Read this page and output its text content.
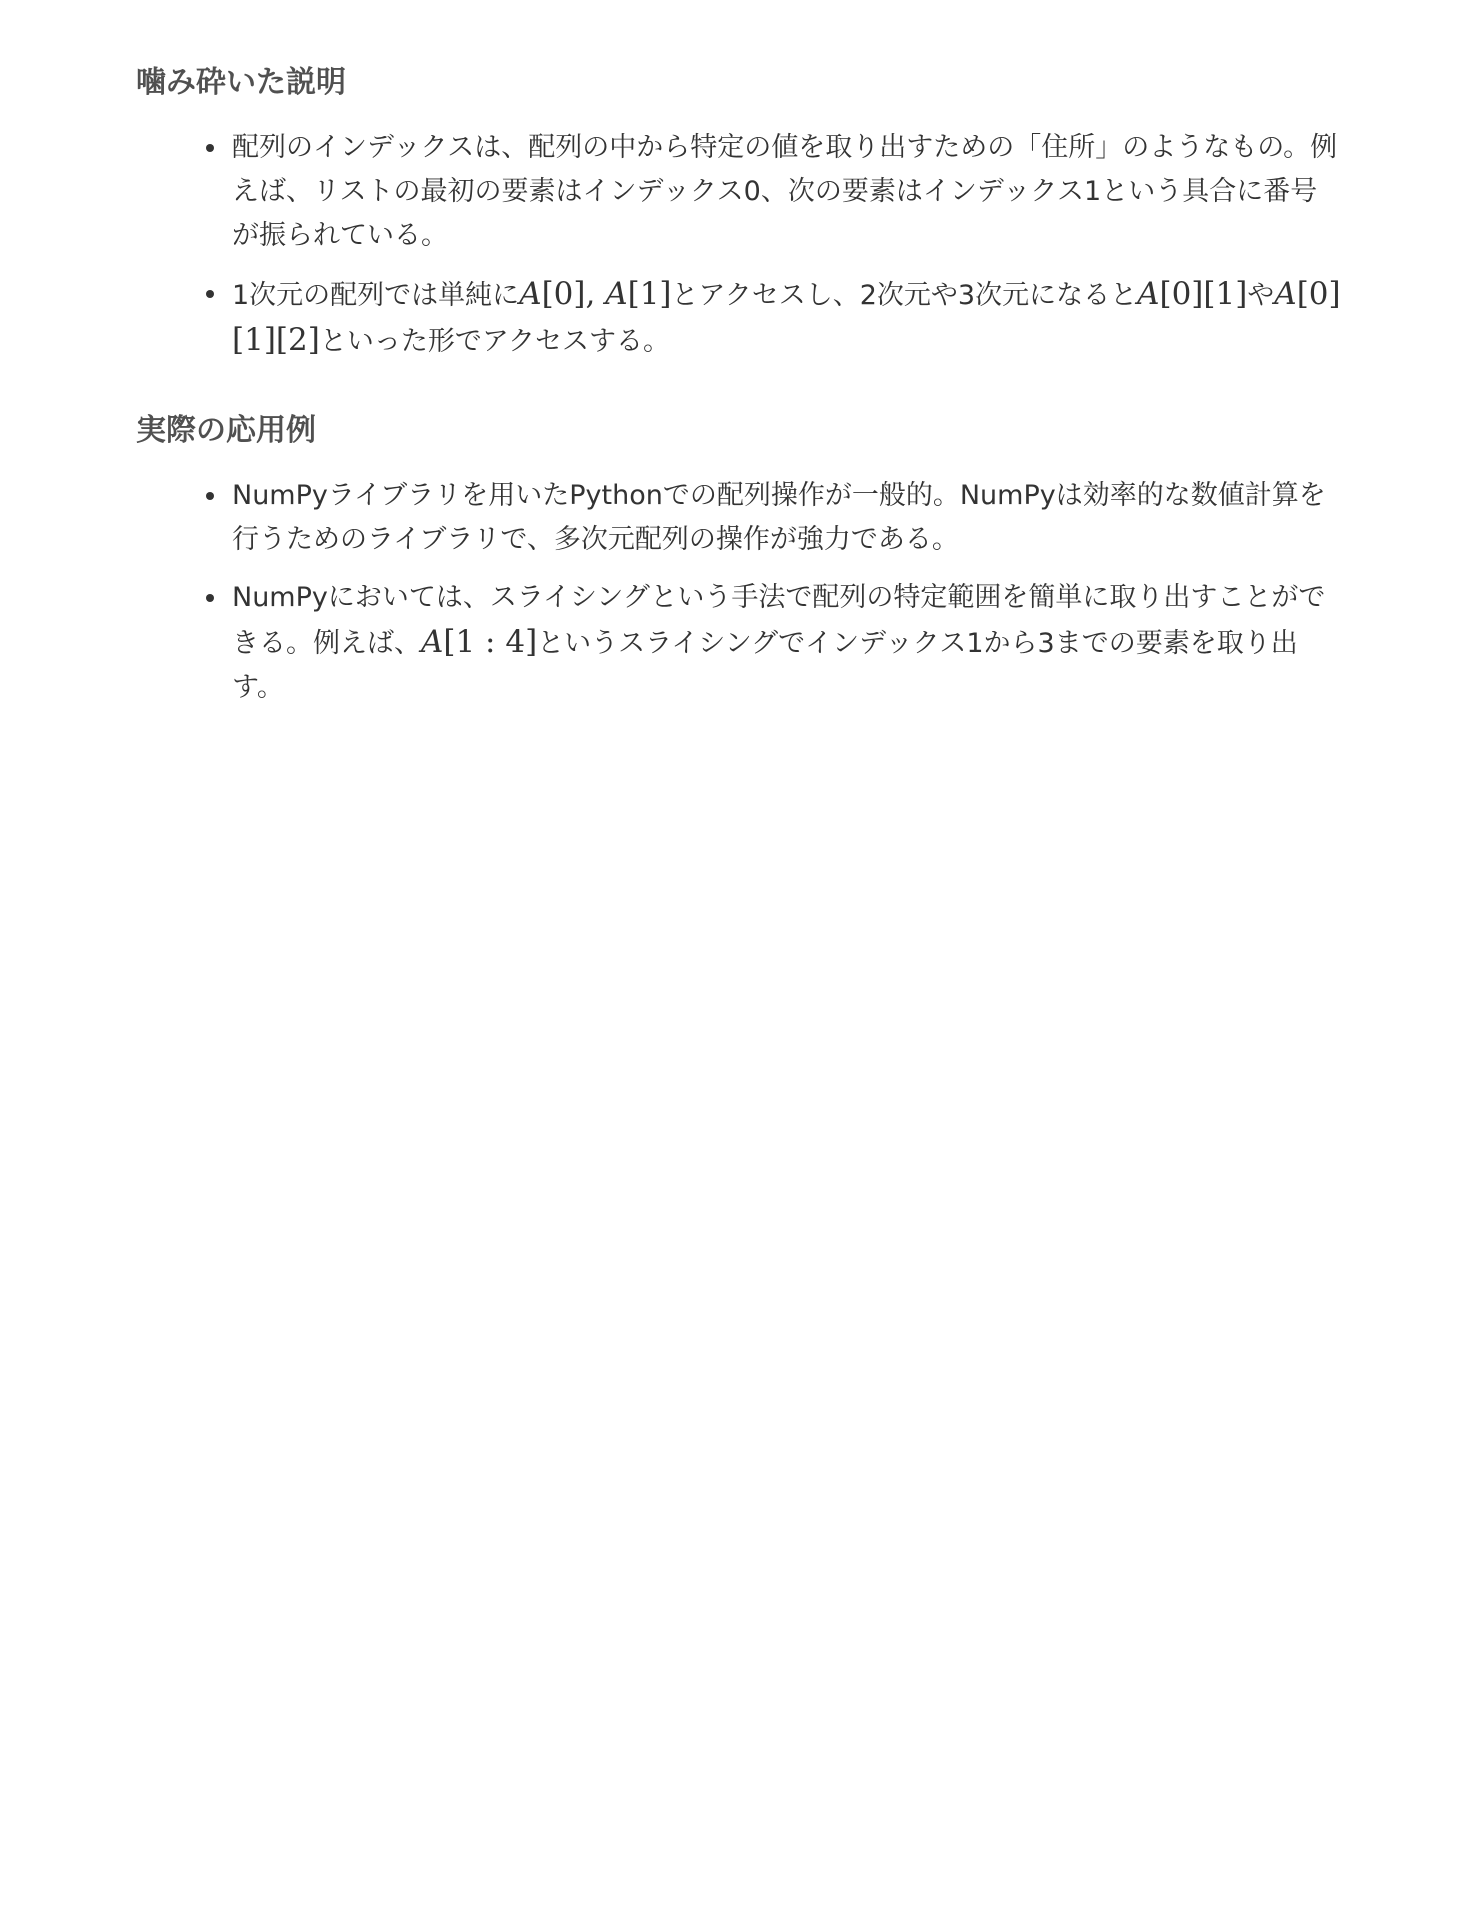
噛み砕いた説明
配列のインデックスは、配列の中から特定の値を取り出すための「住所」のようなもの。例えば、リストの最初の要素はインデックス0、次の要素はインデックス1という具合に番号が振られている。
1次元の配列では単純にA[0], A[1]とアクセスし、2次元や3次元になるとA[0][1]やA[0][1][2]といった形でアクセスする。
実際の応用例
NumPyライブラリを用いたPythonでの配列操作が一般的。NumPyは効率的な数値計算を行うためのライブラリで、多次元配列の操作が強力である。
NumPyにおいては、スライシングという手法で配列の特定範囲を簡単に取り出すことができる。例えば、A[1 : 4]というスライシングでインデックス1から3までの要素を取り出す。
